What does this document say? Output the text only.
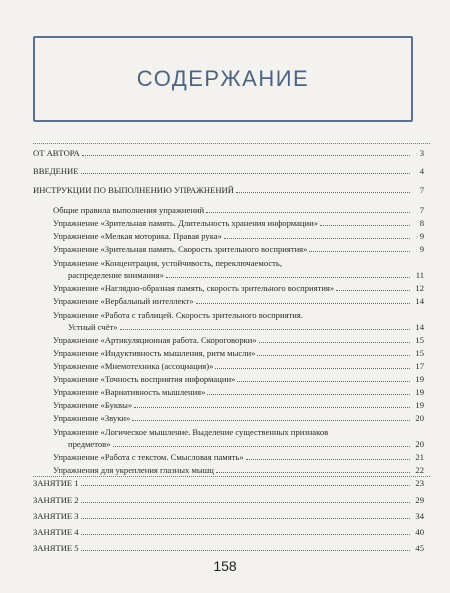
СОДЕРЖАНИЕ
158
ОТ АВТОРА	3
ВВЕДЕНИЕ	4
ИНСТРУКЦИИ ПО ВЫПОЛНЕНИЮ УПРАЖНЕНИЙ	7
Общие правила выполнения упражнений	7
Упражнение «Зрительная память. Длительность хранения информации»	8
Упражнение «Мелкая моторика. Правая рука»	9
Упражнение «Зрительная память. Скорость зрительного восприятия»	9
Упражнение «Концентрация, устойчивость, переключаемость,
распределение внимания»	11
Упражнение «Наглядно-образная память, скорость зрительного восприятия»	12
Упражнение «Вербальный интеллект»	14
Упражнение «Работа с таблицей. Скорость зрительного восприятия.
Устный счёт»	14
Упражнение «Артикуляционная работа. Скороговорки»	15
Упражнение «Индуктивность мышления, ритм мысли»	15
Упражнение «Мнемотехника (ассоциация)»	17
Упражнение «Точность восприятия информации»	19
Упражнение «Вариативность мышления»	19
Упражнение «Буквы»	19
Упражнение «Звуки»	20
Упражнение «Логическое мышление. Выделение существенных признаков
предметов»	20
Упражнение «Работа с текстом. Смысловая память»	21
Упражнения для укрепления глазных мышц	22
ЗАНЯТИЕ 1	23
ЗАНЯТИЕ 2	29
ЗАНЯТИЕ 3	34
ЗАНЯТИЕ 4	40
ЗАНЯТИЕ 5	45
